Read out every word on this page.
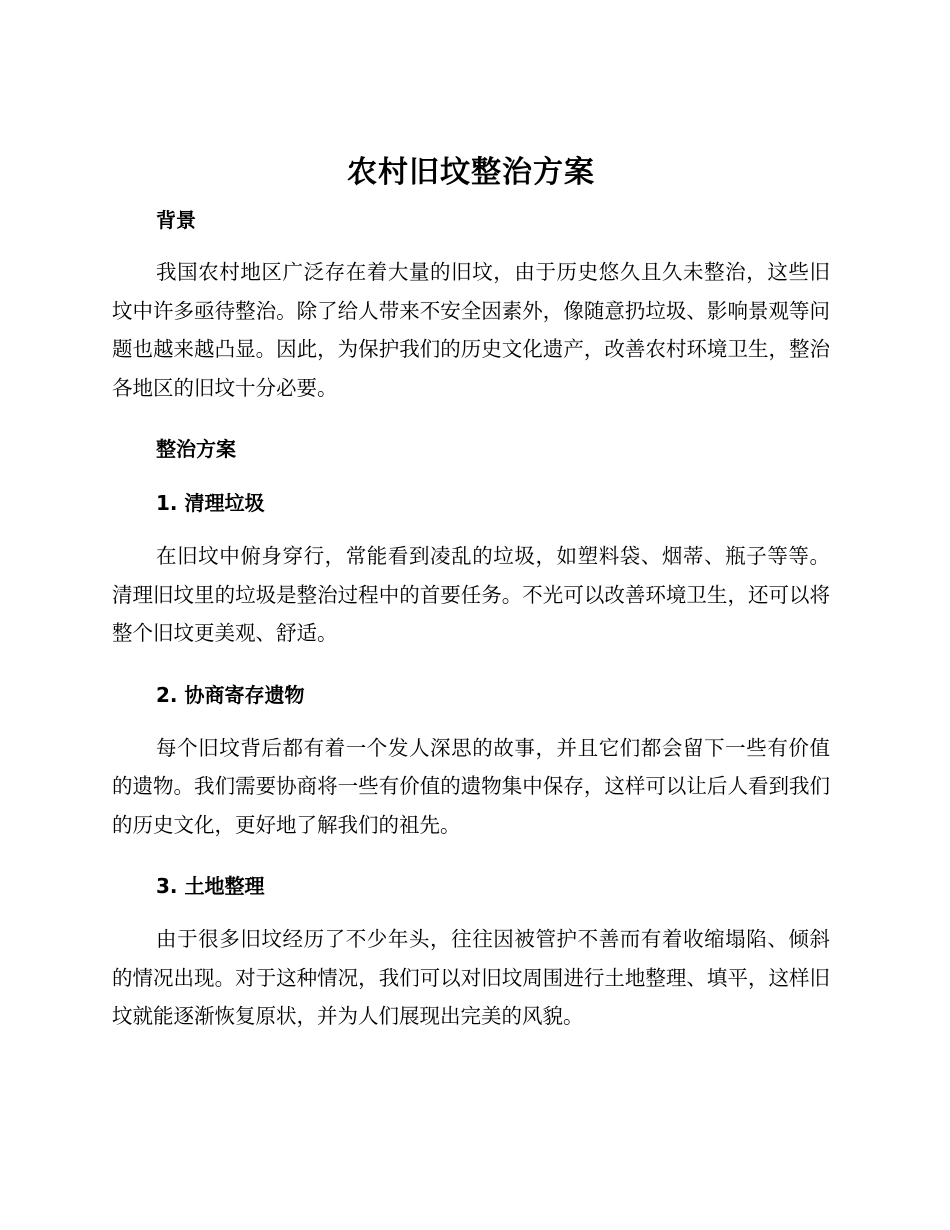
农村旧坟整治方案
背景

我国农村地区广泛存在着大量的旧坟，由于历史悠久且久未整治，这些旧坟中许多亟待整治。除了给人带来不安全因素外，像随意扔垃圾、影响景观等问题也越来越凸显。因此，为保护我们的历史文化遗产，改善农村环境卫生，整治各地区的旧坟十分必要。

整治方案
1. 清理垃圾

在旧坟中俯身穿行，常能看到凌乱的垃圾，如塑料袋、烟蒂、瓶子等等。清理旧坟里的垃圾是整治过程中的首要任务。不光可以改善环境卫生，还可以将整个旧坟更美观、舒适。

2. 协商寄存遗物

每个旧坟背后都有着一个发人深思的故事，并且它们都会留下一些有价值的遗物。我们需要协商将一些有价值的遗物集中保存，这样可以让后人看到我们的历史文化，更好地了解我们的祖先。

3. 土地整理

由于很多旧坟经历了不少年头，往往因被管护不善而有着收缩塌陷、倾斜的情况出现。对于这种情况，我们可以对旧坟周围进行土地整理、填平，这样旧坟就能逐渐恢复原状，并为人们展现出完美的风貌。
